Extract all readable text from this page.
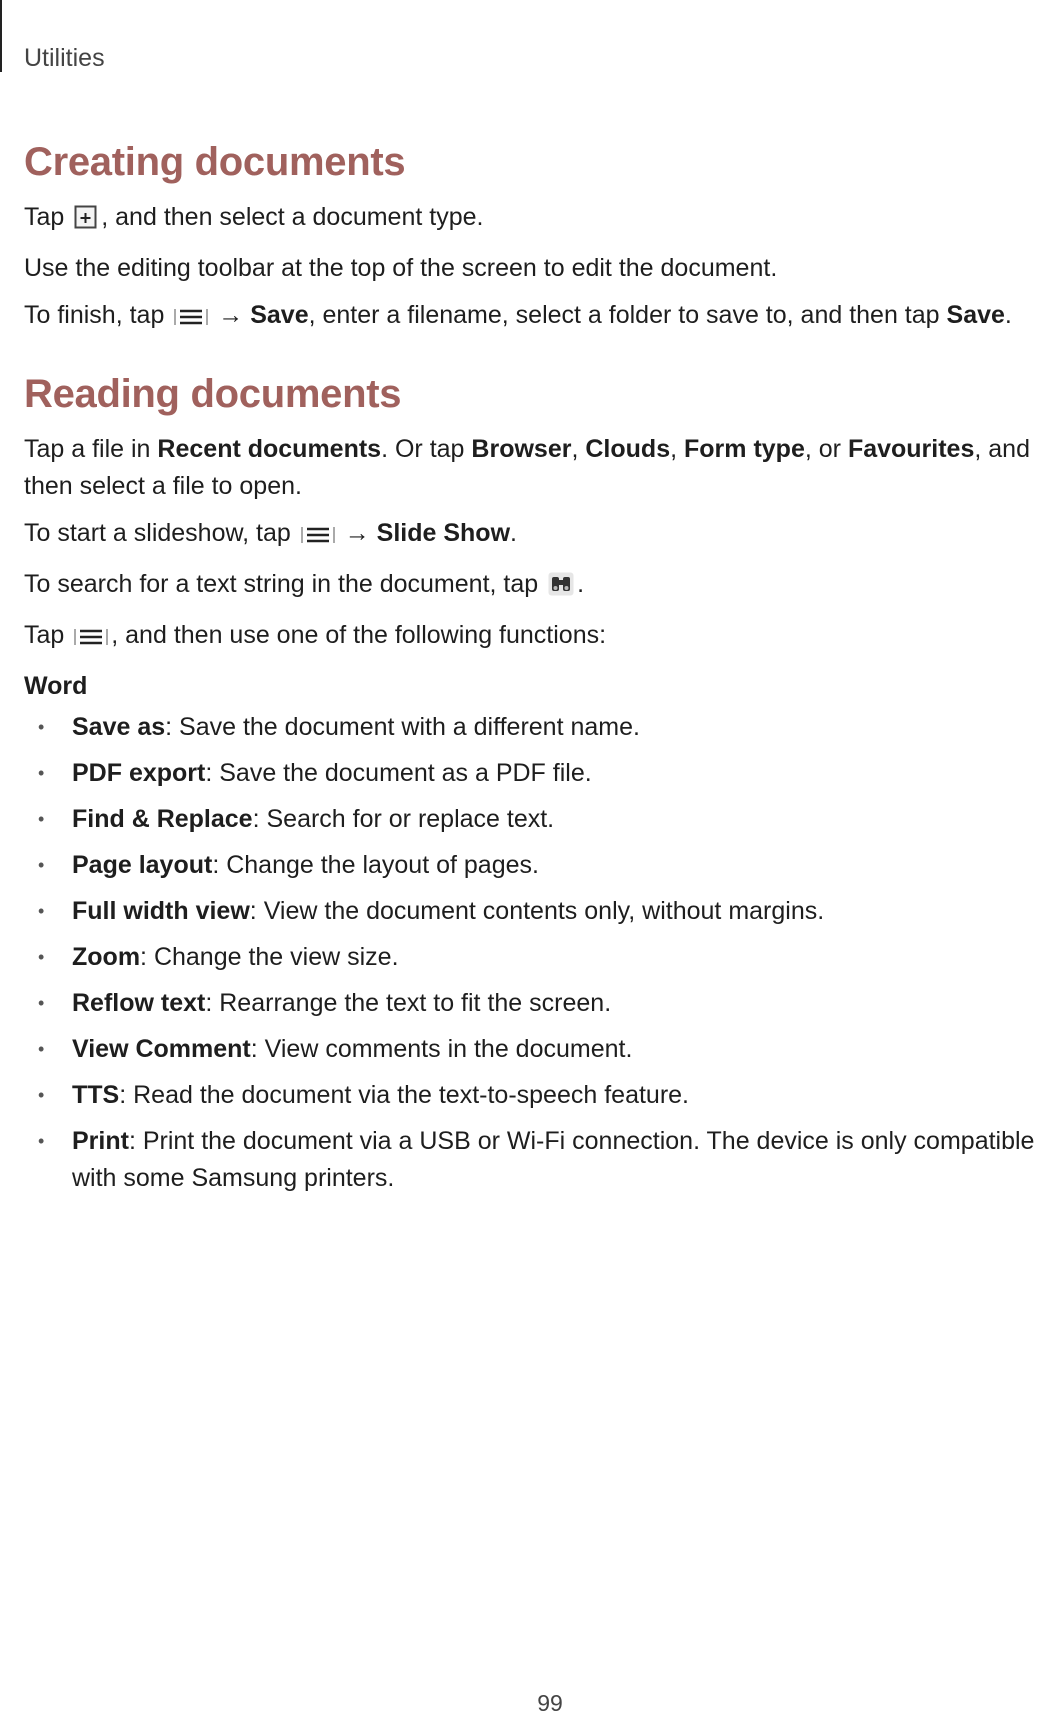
Utilities
Creating documents

Tap , and then select a document type.

Use the editing toolbar at the top of the screen to edit the document.

To finish, tap → Save, enter a filename, select a folder to save to, and then tap Save.

Reading documents

Tap a file in Recent documents. Or tap Browser, Clouds, Form type, or Favourites, and then select a file to open.

To start a slideshow, tap → Slide Show.

To search for a text string in the document, tap .

Tap , and then use one of the following functions:

Word
• Save as: Save the document with a different name.
• PDF export: Save the document as a PDF file.
• Find & Replace: Search for or replace text.
• Page layout: Change the layout of pages.
• Full width view: View the document contents only, without margins.
• Zoom: Change the view size.
• Reflow text: Rearrange the text to fit the screen.
• View Comment: View comments in the document.
• TTS: Read the document via the text-to-speech feature.
• Print: Print the document via a USB or Wi-Fi connection. The device is only compatible with some Samsung printers.
99
